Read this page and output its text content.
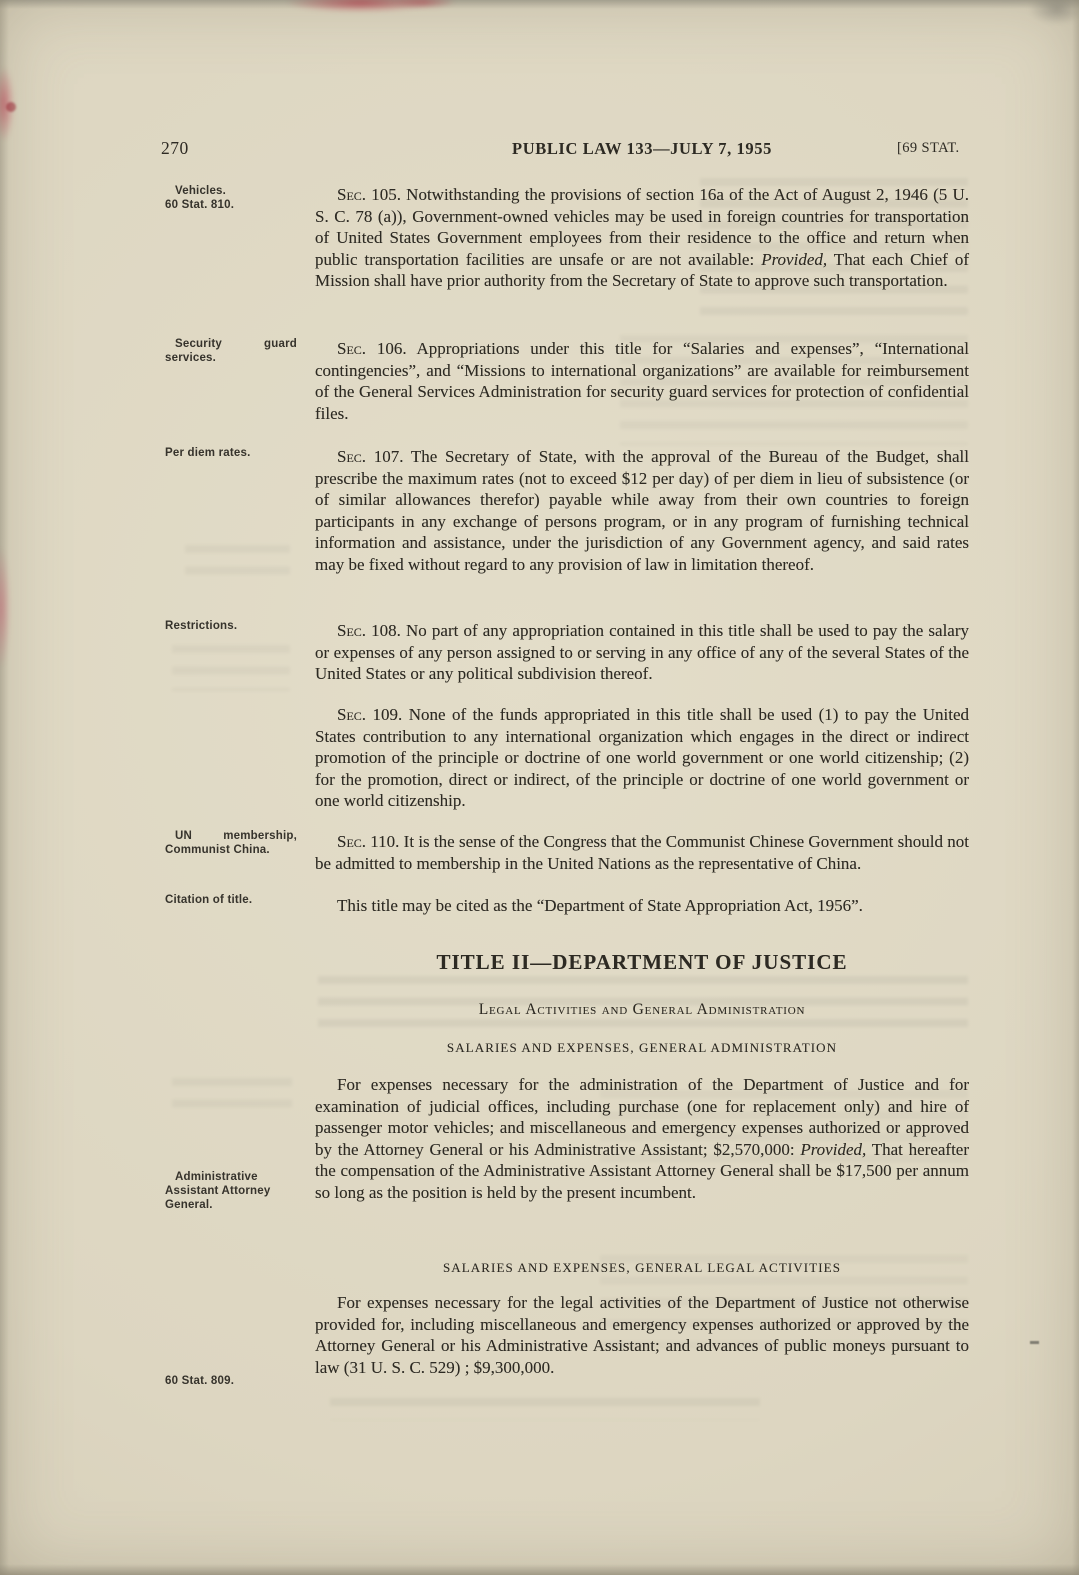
270	PUBLIC LAW 133—JULY 7, 1955	[69 STAT.
Vehicles.
60 Stat. 810.
Security guard
services.
Per diem rates.
Restrictions.
UN membership,
Communist China.
Citation of title.
Administrative
Assistant Attorney
General.
60 Stat. 809.

Sec. 105. Notwithstanding the provisions of section 16a of the Act of August 2, 1946 (5 U. S. C. 78 (a)), Government-owned vehicles may be used in foreign countries for transportation of United States Government employees from their residence to the office and return when public transportation facilities are unsafe or are not available: Provided, That each Chief of Mission shall have prior authority from the Secretary of State to approve such transportation.

Sec. 106. Appropriations under this title for “Salaries and expenses”, “International contingencies”, and “Missions to international organizations” are available for reimbursement of the General Services Administration for security guard services for protection of confidential files.

Sec. 107. The Secretary of State, with the approval of the Bureau of the Budget, shall prescribe the maximum rates (not to exceed $12 per day) of per diem in lieu of subsistence (or of similar allowances therefor) payable while away from their own countries to foreign participants in any exchange of persons program, or in any program of furnishing technical information and assistance, under the jurisdiction of any Government agency, and said rates may be fixed without regard to any provision of law in limitation thereof.

Sec. 108. No part of any appropriation contained in this title shall be used to pay the salary or expenses of any person assigned to or serving in any office of any of the several States of the United States or any political subdivision thereof.

Sec. 109. None of the funds appropriated in this title shall be used (1) to pay the United States contribution to any international organization which engages in the direct or indirect promotion of the principle or doctrine of one world government or one world citizenship; (2) for the promotion, direct or indirect, of the principle or doctrine of one world government or one world citizenship.

Sec. 110. It is the sense of the Congress that the Communist Chinese Government should not be admitted to membership in the United Nations as the representative of China.

This title may be cited as the “Department of State Appropriation Act, 1956”.

TITLE II—DEPARTMENT OF JUSTICE
Legal Activities and General Administration
SALARIES AND EXPENSES, GENERAL ADMINISTRATION

For expenses necessary for the administration of the Department of Justice and for examination of judicial offices, including purchase (one for replacement only) and hire of passenger motor vehicles; and miscellaneous and emergency expenses authorized or approved by the Attorney General or his Administrative Assistant; $2,570,000: Provided, That hereafter the compensation of the Administrative Assistant Attorney General shall be $17,500 per annum so long as the position is held by the present incumbent.

SALARIES AND EXPENSES, GENERAL LEGAL ACTIVITIES

For expenses necessary for the legal activities of the Department of Justice not otherwise provided for, including miscellaneous and emergency expenses authorized or approved by the Attorney General or his Administrative Assistant; and advances of public moneys pursuant to law (31 U. S. C. 529) ; $9,300,000.
